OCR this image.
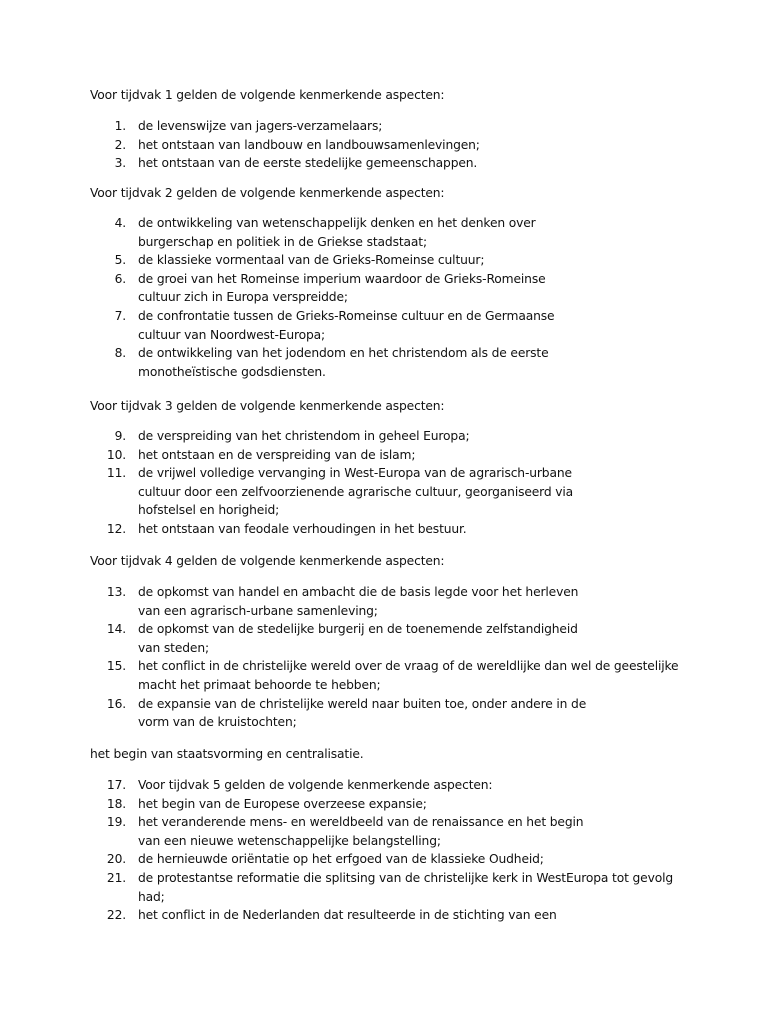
Voor tijdvak 1 gelden de volgende kenmerkende aspecten:

1. de levenswijze van jagers-verzamelaars;
2. het ontstaan van landbouw en landbouwsamenlevingen;
3. het ontstaan van de eerste stedelijke gemeenschappen.

Voor tijdvak 2 gelden de volgende kenmerkende aspecten:

4. de ontwikkeling van wetenschappelijk denken en het denken over
burgerschap en politiek in de Griekse stadstaat;
5. de klassieke vormentaal van de Grieks-Romeinse cultuur;
6. de groei van het Romeinse imperium waardoor de Grieks-Romeinse
cultuur zich in Europa verspreidde;
7. de confrontatie tussen de Grieks-Romeinse cultuur en de Germaanse
cultuur van Noordwest-Europa;
8. de ontwikkeling van het jodendom en het christendom als de eerste
monotheïstische godsdiensten.

Voor tijdvak 3 gelden de volgende kenmerkende aspecten:

9. de verspreiding van het christendom in geheel Europa;
10. het ontstaan en de verspreiding van de islam;
11. de vrijwel volledige vervanging in West-Europa van de agrarisch-urbane
cultuur door een zelfvoorzienende agrarische cultuur, georganiseerd via
hofstelsel en horigheid;
12. het ontstaan van feodale verhoudingen in het bestuur.

Voor tijdvak 4 gelden de volgende kenmerkende aspecten:

13. de opkomst van handel en ambacht die de basis legde voor het herleven
van een agrarisch-urbane samenleving;
14. de opkomst van de stedelijke burgerij en de toenemende zelfstandigheid
van steden;
15. het conflict in de christelijke wereld over de vraag of de wereldlijke dan wel de geestelijke
macht het primaat behoorde te hebben;
16. de expansie van de christelijke wereld naar buiten toe, onder andere in de
vorm van de kruistochten;

het begin van staatsvorming en centralisatie.

17. Voor tijdvak 5 gelden de volgende kenmerkende aspecten:
18. het begin van de Europese overzeese expansie;
19. het veranderende mens- en wereldbeeld van de renaissance en het begin
van een nieuwe wetenschappelijke belangstelling;
20. de hernieuwde oriëntatie op het erfgoed van de klassieke Oudheid;
21. de protestantse reformatie die splitsing van de christelijke kerk in WestEuropa tot gevolg
had;
22. het conflict in de Nederlanden dat resulteerde in de stichting van een
